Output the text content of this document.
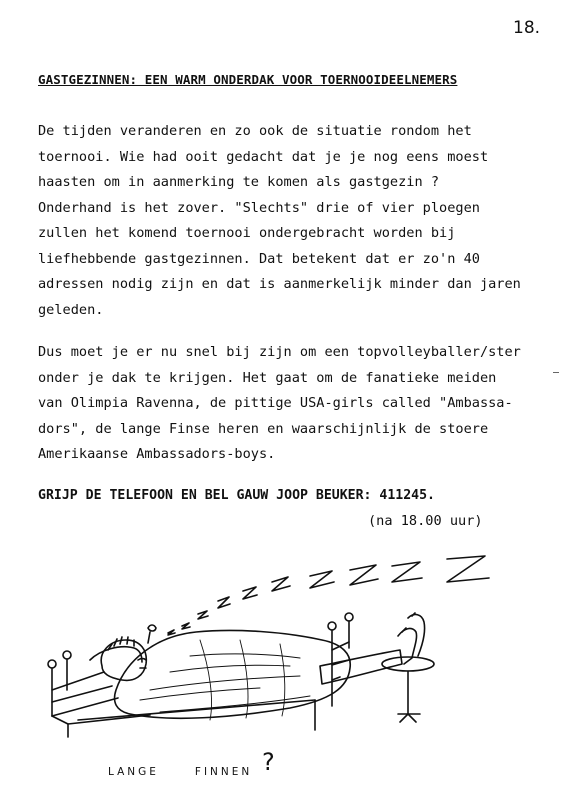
18.
GASTGEZINNEN: EEN WARM ONDERDAK VOOR TOERNOOIDEELNEMERS
De tijden veranderen en zo ook de situatie rondom het
toernooi. Wie had ooit gedacht dat je je nog eens moest
haasten om in aanmerking te komen als gastgezin ?
Onderhand is het zover. "Slechts" drie of vier ploegen
zullen het komend toernooi ondergebracht worden bij
liefhebbende gastgezinnen. Dat betekent dat er zo'n 40
adressen nodig zijn en dat is aanmerkelijk minder dan jaren
geleden.
Dus moet je er nu snel bij zijn om een topvolleyballer/ster
onder je dak te krijgen. Het gaat om de fanatieke meiden
van Olimpia Ravenna, de pittige USA-girls called "Ambassa-
dors", de lange Finse heren en waarschijnlijk de stoere
Amerikaanse Ambassadors-boys.
GRIJP DE TELEFOON EN BEL GAUW JOOP BEUKER: 411245.
(na 18.00 uur)
LANGE	FINNEN ?
